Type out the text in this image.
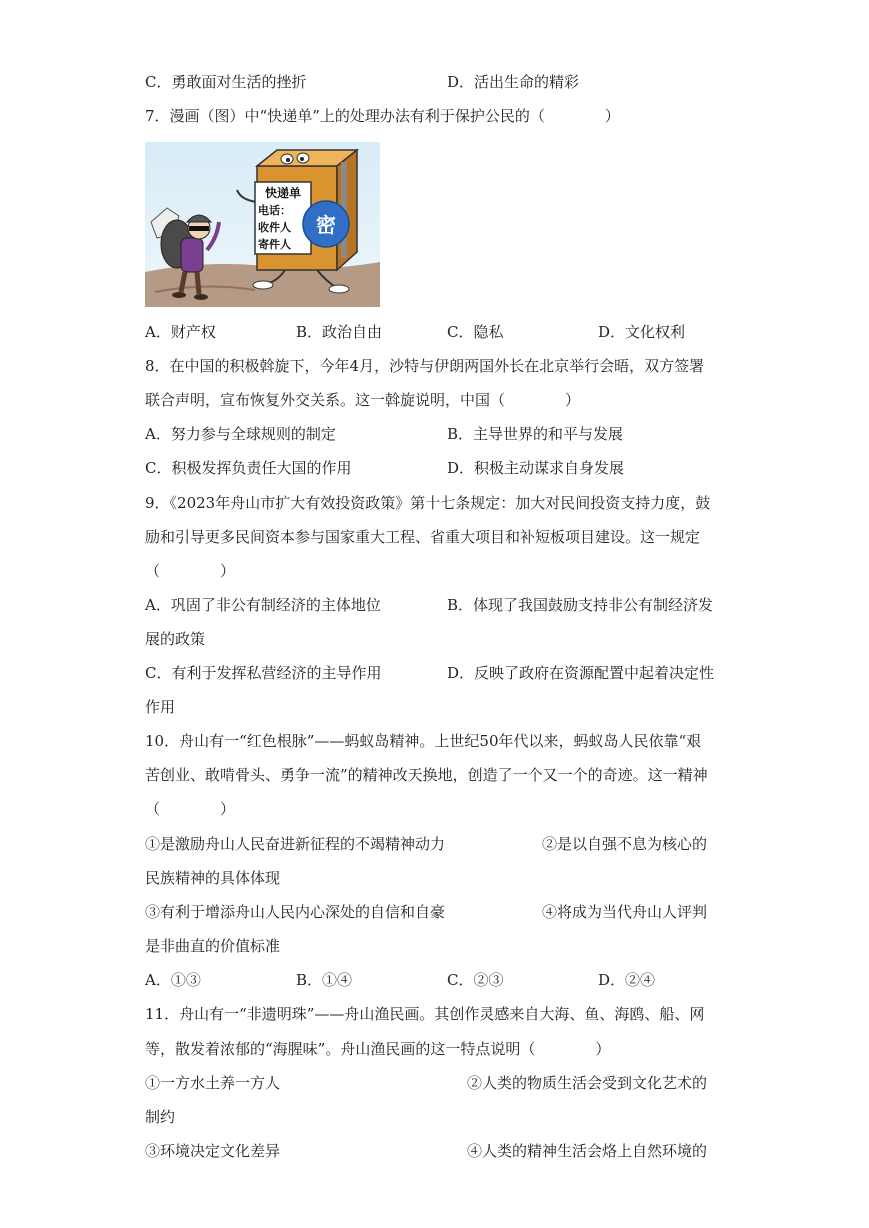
C．勇敢面对生活的挫折	D．活出生命的精彩
7．漫画（图）中“快递单”上的处理办法有利于保护公民的（　　　　）
快递单
电话：
收件人
寄件人
密
A．财产权	B．政治自由	C．隐私	D．文化权利
8．在中国的积极斡旋下，今年4月，沙特与伊朗两国外长在北京举行会晤，双方签署
联合声明，宣布恢复外交关系。这一斡旋说明，中国（　　　　）
A．努力参与全球规则的制定	B．主导世界的和平与发展
C．积极发挥负责任大国的作用	D．积极主动谋求自身发展
9．《2023年舟山市扩大有效投资政策》第十七条规定：加大对民间投资支持力度，鼓
励和引导更多民间资本参与国家重大工程、省重大项目和补短板项目建设。这一规定
（　　　　）
A．巩固了非公有制经济的主体地位	B．体现了我国鼓励支持非公有制经济发
展的政策
C．有利于发挥私营经济的主导作用	D．反映了政府在资源配置中起着决定性
作用
10．舟山有一“红色根脉”——蚂蚁岛精神。上世纪50年代以来，蚂蚁岛人民依靠“艰
苦创业、敢啃骨头、勇争一流”的精神改天换地，创造了一个又一个的奇迹。这一精神
（　　　　）
①是激励舟山人民奋进新征程的不竭精神动力	②是以自强不息为核心的
民族精神的具体体现
③有利于增添舟山人民内心深处的自信和自豪	④将成为当代舟山人评判
是非曲直的价值标准
A．①③	B．①④	C．②③	D．②④
11．舟山有一“非遗明珠”——舟山渔民画。其创作灵感来自大海、鱼、海鸥、船、网
等，散发着浓郁的“海腥味”。舟山渔民画的这一特点说明（　　　　）
①一方水土养一方人	②人类的物质生活会受到文化艺术的
制约
③环境决定文化差异	④人类的精神生活会烙上自然环境的
